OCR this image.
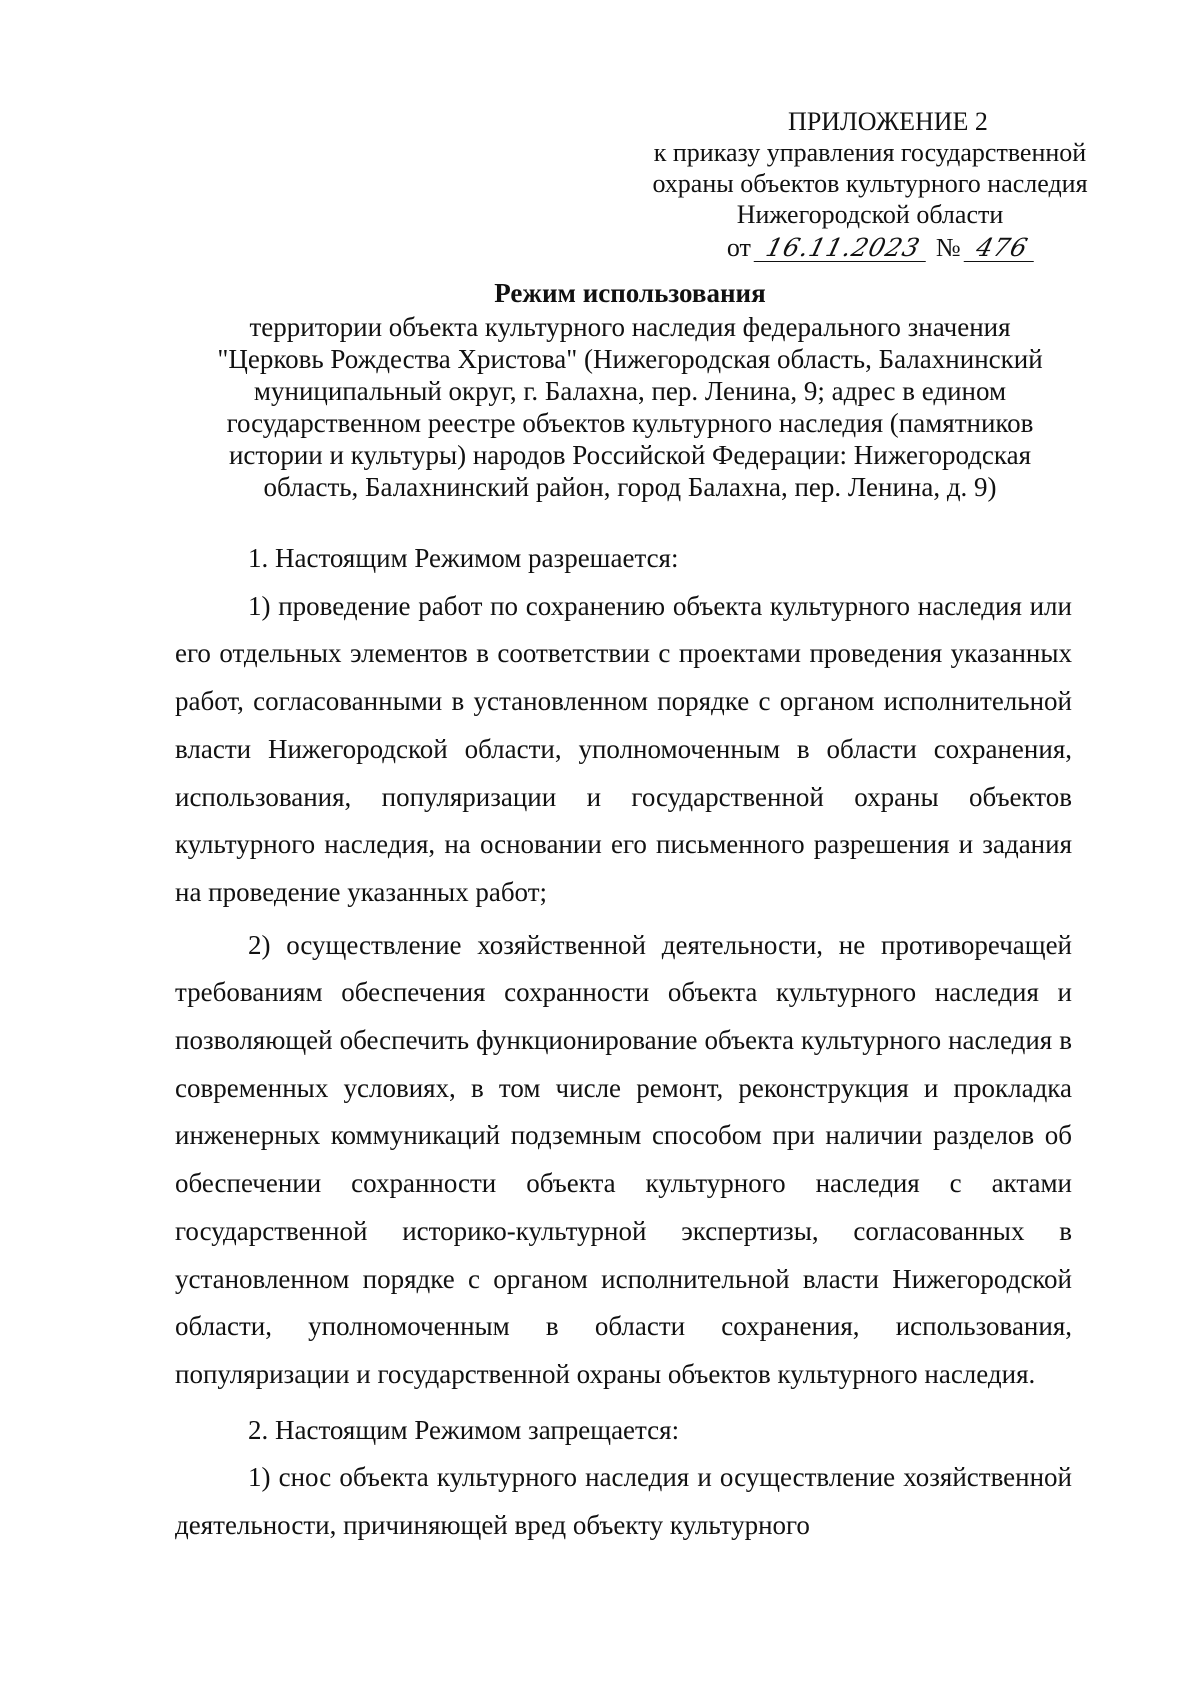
ПРИЛОЖЕНИЕ 2
к приказу управления государственной
охраны объектов культурного наследия
Нижегородской области
от 16.11.2023 № 476
Режим использования
территории объекта культурного наследия федерального значения
"Церковь Рождества Христова" (Нижегородская область, Балахнинский
муниципальный округ, г. Балахна, пер. Ленина, 9; адрес в едином
государственном реестре объектов культурного наследия (памятников
истории и культуры) народов Российской Федерации: Нижегородская
область, Балахнинский район, город Балахна, пер. Ленина, д. 9)

1. Настоящим Режимом разрешается:

1) проведение работ по сохранению объекта культурного наследия или его отдельных элементов в соответствии с проектами проведения указанных работ, согласованными в установленном порядке с органом исполнительной власти Нижегородской области, уполномоченным в области сохранения, использования, популяризации и государственной охраны объектов культурного наследия, на основании его письменного разрешения и задания на проведение указанных работ;

2) осуществление хозяйственной деятельности, не противоречащей требованиям обеспечения сохранности объекта культурного наследия и позволяющей обеспечить функционирование объекта культурного наследия в современных условиях, в том числе ремонт, реконструкция и прокладка инженерных коммуникаций подземным способом при наличии разделов об обеспечении сохранности объекта культурного наследия с актами государственной историко-культурной экспертизы, согласованных в установленном порядке с органом исполнительной власти Нижегородской области, уполномоченным в области сохранения, использования, популяризации и государственной охраны объектов культурного наследия.

2. Настоящим Режимом запрещается:

1) снос объекта культурного наследия и осуществление хозяйственной деятельности, причиняющей вред объекту культурного
